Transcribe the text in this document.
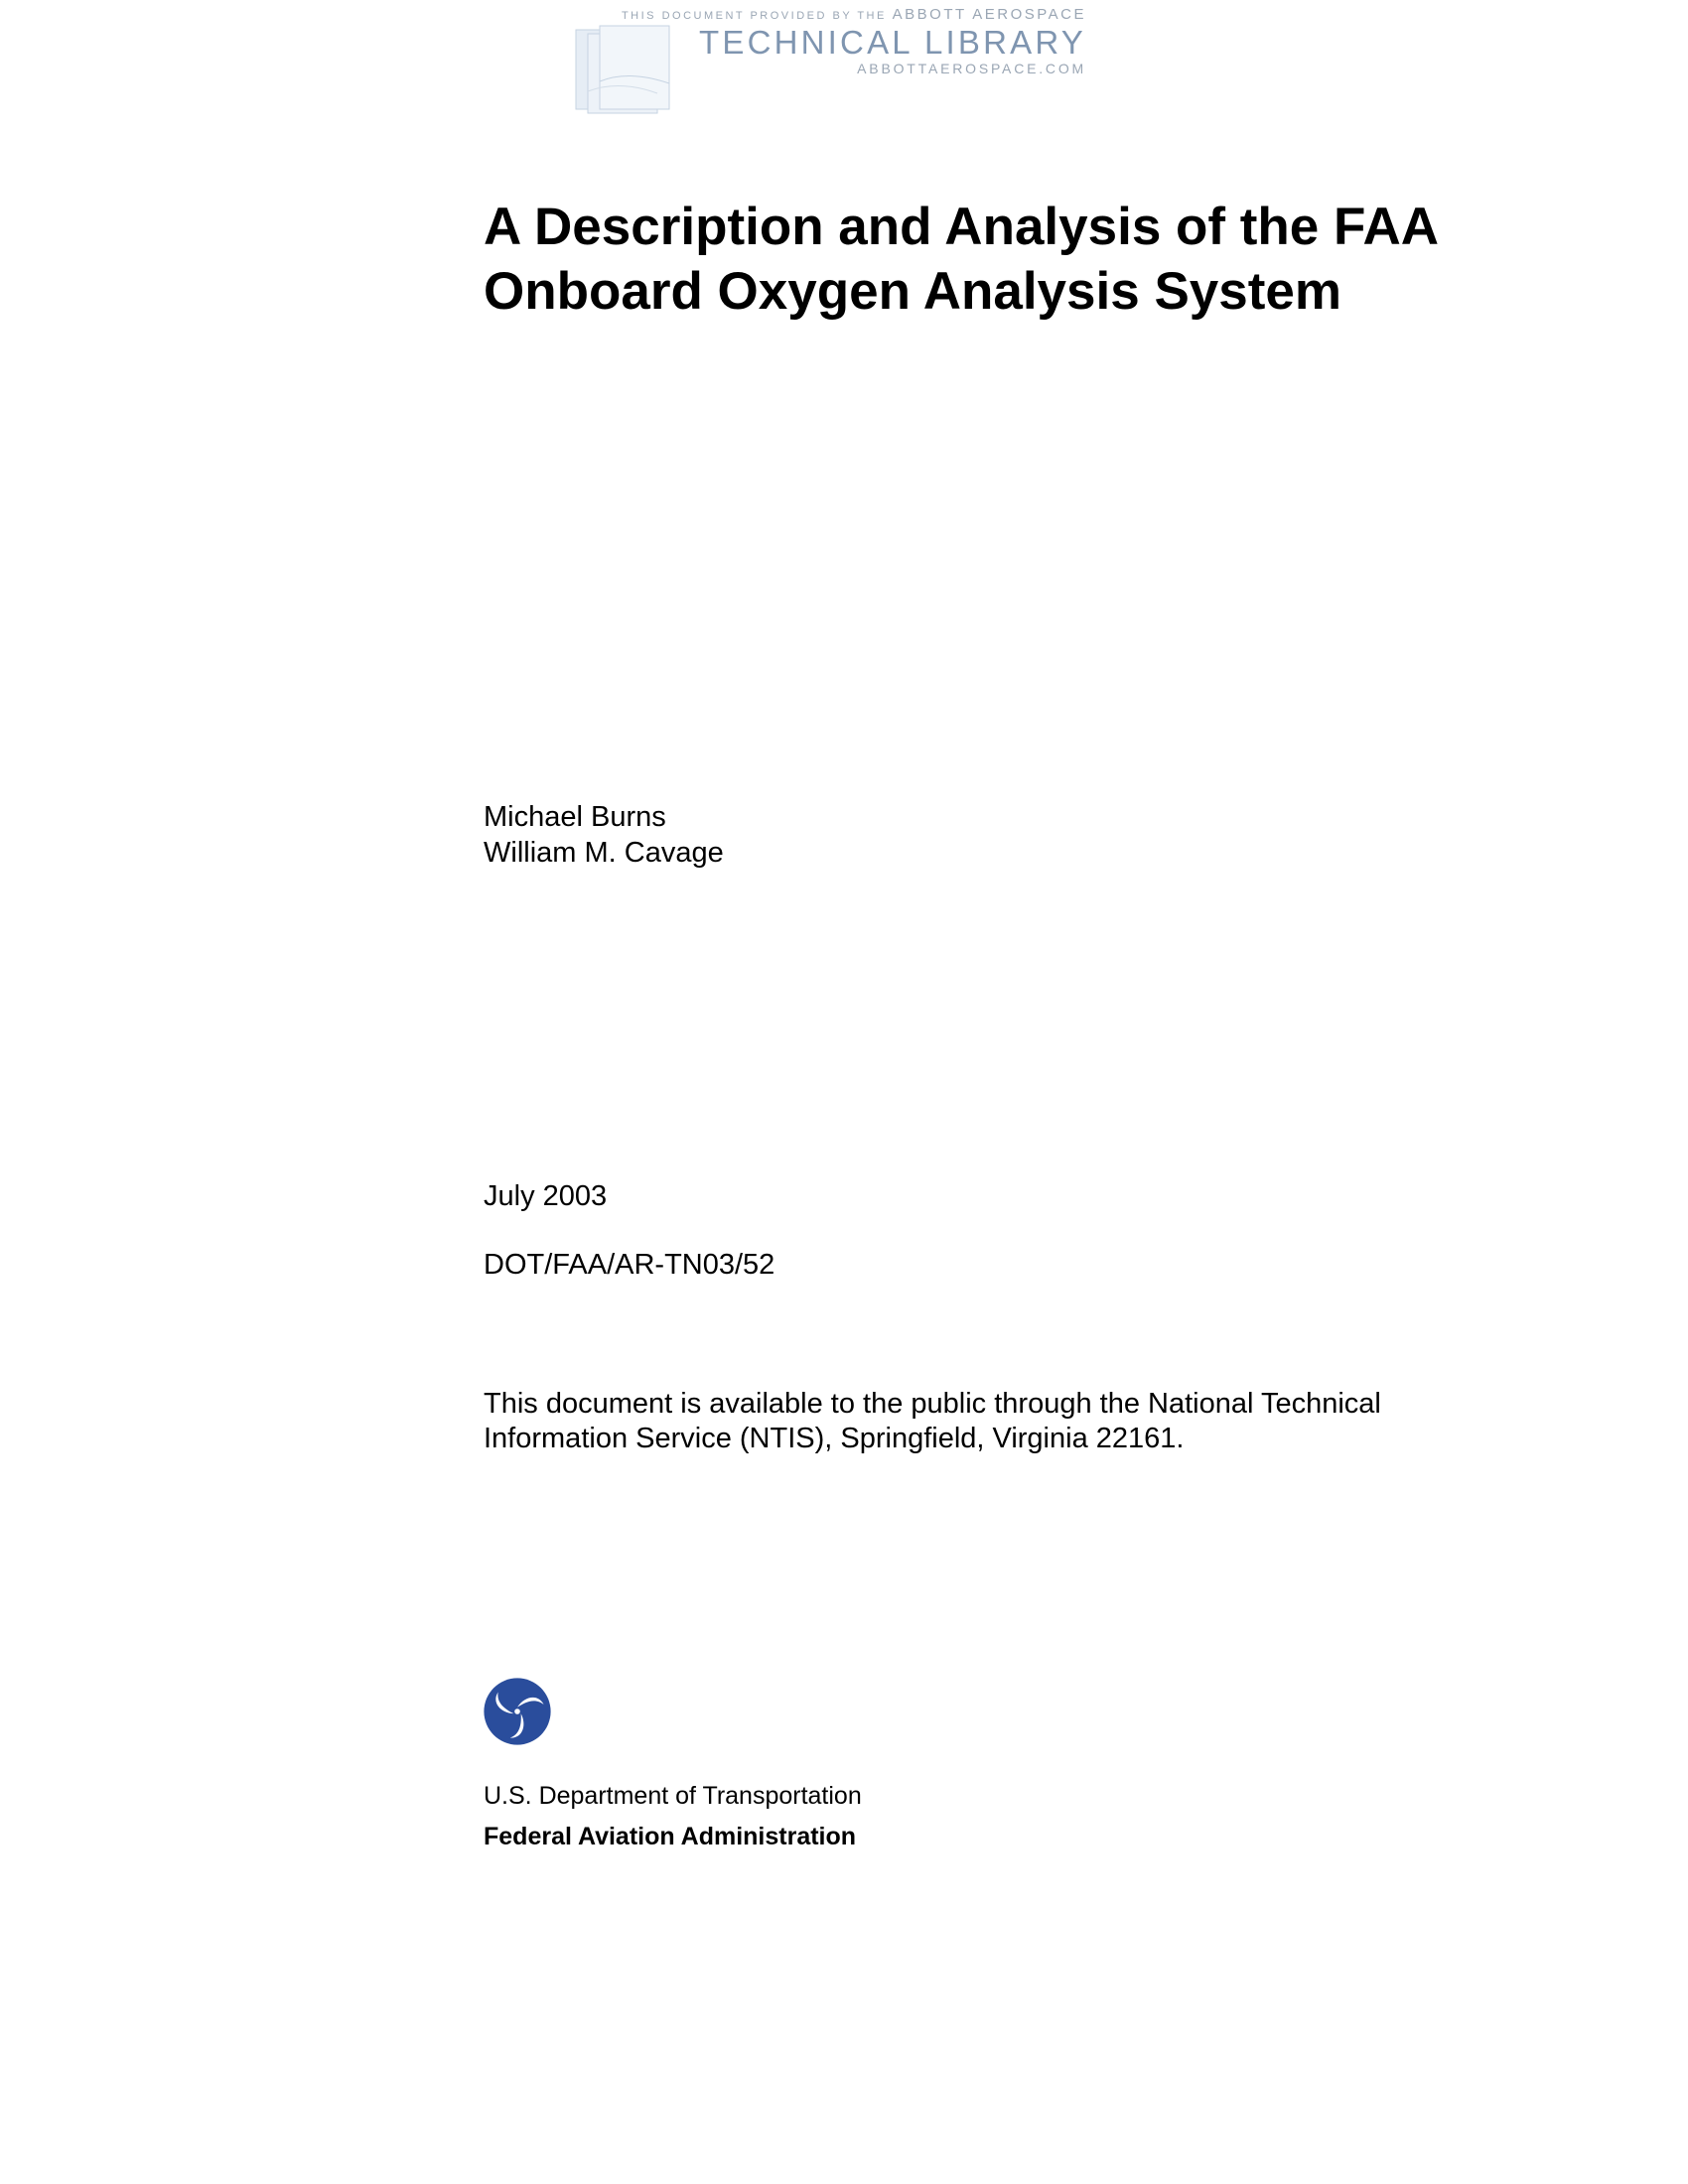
THIS DOCUMENT PROVIDED BY THE ABBOTT AEROSPACE
TECHNICAL LIBRARY
ABBOTTAEROSPACE.COM
A Description and Analysis of the FAA
Onboard Oxygen Analysis System
Michael Burns
William M. Cavage
July 2003
DOT/FAA/AR-TN03/52
This document is available to the public through the National Technical
Information Service (NTIS), Springfield, Virginia 22161.
U.S. Department of Transportation
Federal Aviation Administration
